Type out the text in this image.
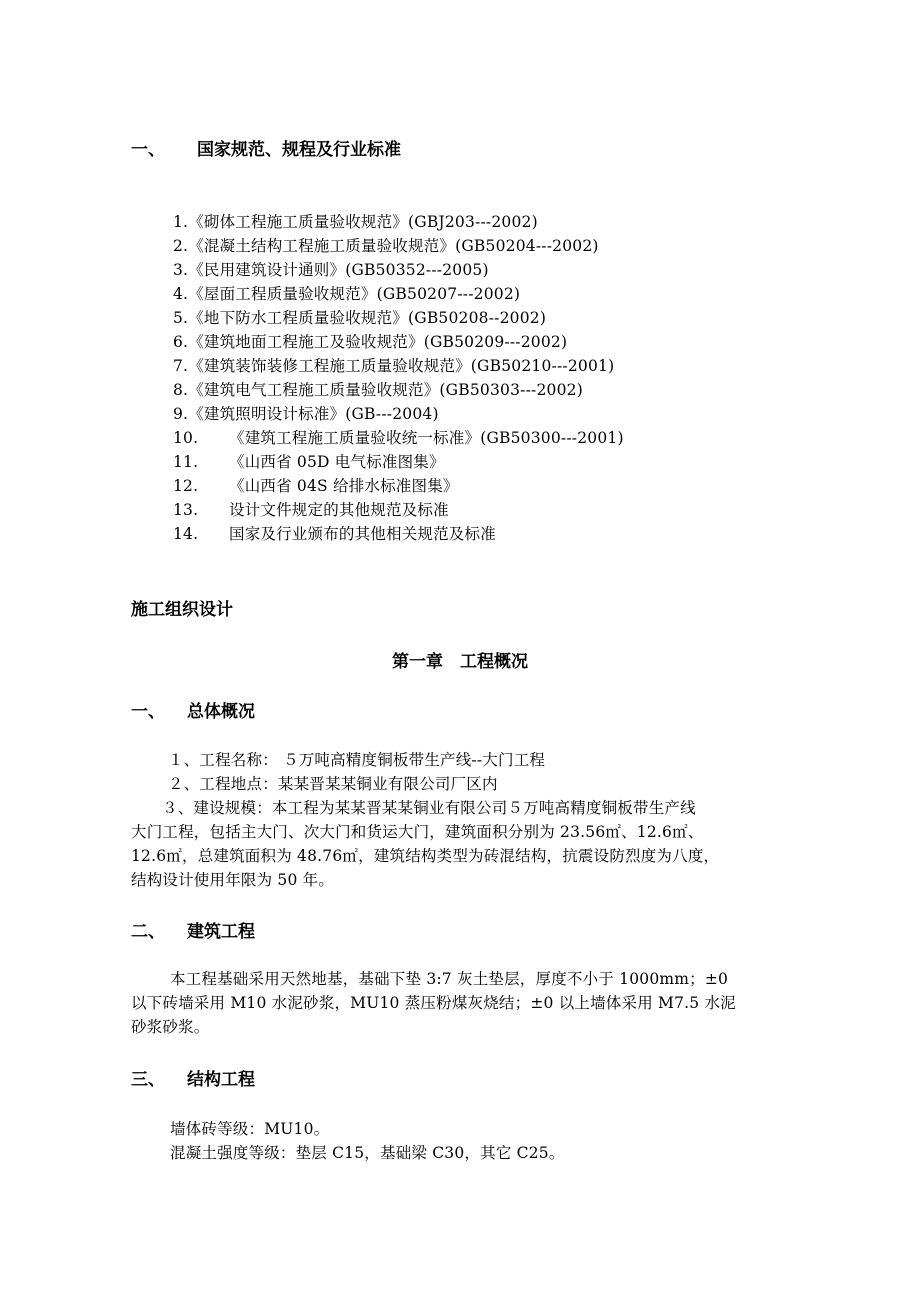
一、 国家规范、规程及行业标准
1.《砌体工程施工质量验收规范》(GBJ203---2002)
2.《混凝土结构工程施工质量验收规范》(GB50204---2002)
3.《民用建筑设计通则》(GB50352---2005)
4.《屋面工程质量验收规范》(GB50207---2002)
5.《地下防水工程质量验收规范》(GB50208--2002)
6.《建筑地面工程施工及验收规范》(GB50209---2002)
7.《建筑装饰装修工程施工质量验收规范》(GB50210---2001)
8.《建筑电气工程施工质量验收规范》(GB50303---2002)
9.《建筑照明设计标准》(GB---2004)
10. 《建筑工程施工质量验收统一标准》(GB50300---2001)
11. 《山西省 05D 电气标准图集》
12. 《山西省 04S 给排水标准图集》
13. 设计文件规定的其他规范及标准
14. 国家及行业颁布的其他相关规范及标准
施工组织设计
第一章　工程概况
一、 总体概况
１、工程名称： ５万吨高精度铜板带生产线--大门工程
２、工程地点：某某晋某某铜业有限公司厂区内
３、建设规模：本工程为某某晋某某铜业有限公司５万吨高精度铜板带生产线
大门工程，包括主大门、次大门和货运大门，建筑面积分别为 23.56㎡、12.6㎡、
12.6㎡，总建筑面积为 48.76㎡，建筑结构类型为砖混结构，抗震设防烈度为八度，
结构设计使用年限为 50 年。
二、 建筑工程
本工程基础采用天然地基，基础下垫 3:7 灰土垫层，厚度不小于 1000mm；±0
以下砖墙采用 M10 水泥砂浆，MU10 蒸压粉煤灰烧结；±0 以上墙体采用 M7.5 水泥
砂浆砂浆。
三、 结构工程
墙体砖等级：MU10。
混凝土强度等级：垫层 C15，基础梁 C30，其它 C25。
